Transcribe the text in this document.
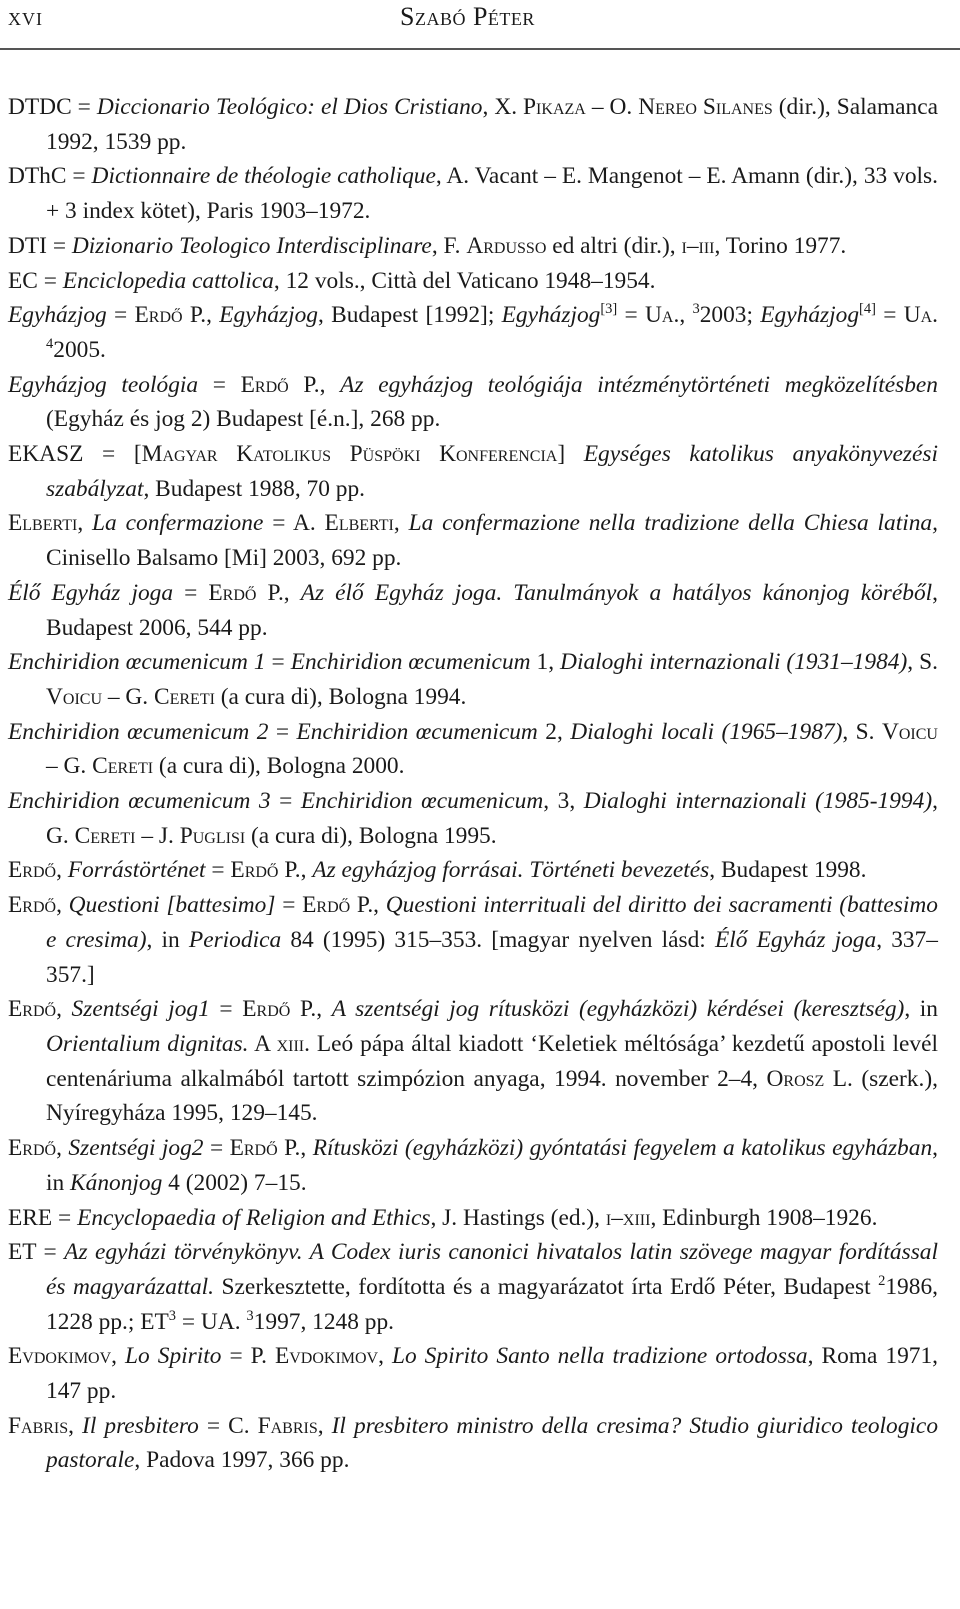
xvi	Szabó Péter

DTDC = Diccionario Teológico: el Dios Cristiano, X. Pikaza – O. Nereo Silanes (dir.), Salamanca 1992, 1539 pp.

DThC = Dictionnaire de théologie catholique, A. Vacant – E. Mangenot – E. Amann (dir.), 33 vols. + 3 index kötet), Paris 1903–1972.

DTI = Dizionario Teologico Interdisciplinare, F. Ardusso ed altri (dir.), i–iii, Torino 1977.

EC = Enciclopedia cattolica, 12 vols., Città del Vaticano 1948–1954.

Egyházjog = Erdő P., Egyházjog, Budapest [1992]; Egyházjog[3] = Ua., $^3$2003; Egyházjog[4] = Ua. $^4$2005.

Egyházjog teológia = Erdő P., Az egyházjog teológiája intézménytörténeti megközelítésben (Egyház és jog 2) Budapest [é.n.], 268 pp.

EKASZ = [Magyar Katolikus Püspöki Konferencia] Egységes katolikus anyakönyvezési szabályzat, Budapest 1988, 70 pp.

Elberti, La confermazione = A. Elberti, La confermazione nella tradizione della Chiesa latina, Cinisello Balsamo [Mi] 2003, 692 pp.

Élő Egyház joga = Erdő P., Az élő Egyház joga. Tanulmányok a hatályos kánonjog köréből, Budapest 2006, 544 pp.

Enchiridion œcumenicum 1 = Enchiridion œcumenicum 1, Dialoghi internazionali (1931–1984), S. Voicu – G. Cereti (a cura di), Bologna 1994.

Enchiridion œcumenicum 2 = Enchiridion œcumenicum 2, Dialoghi locali (1965–1987), S. Voicu – G. Cereti (a cura di), Bologna 2000.

Enchiridion œcumenicum 3 = Enchiridion œcumenicum, 3, Dialoghi internazionali (1985-1994), G. Cereti – J. Puglisi (a cura di), Bologna 1995.

Erdő, Forrástörténet = Erdő P., Az egyházjog forrásai. Történeti bevezetés, Budapest 1998.

Erdő, Questioni [battesimo] = Erdő P., Questioni interrituali del diritto dei sacramenti (battesimo e cresima), in Periodica 84 (1995) 315–353. [magyar nyelven lásd: Élő Egyház joga, 337–357.]

Erdő, Szentségi jog1 = Erdő P., A szentségi jog rítusközi (egyházközi) kérdései (keresztség), in Orientalium dignitas. A xiii. Leó pápa által kiadott ‘Keletiek méltósága’ kezdetű apostoli levél centenáriuma alkalmából tartott szimpózion anyaga, 1994. november 2–4, Orosz L. (szerk.), Nyíregyháza 1995, 129–145.

Erdő, Szentségi jog2 = Erdő P., Rítusközi (egyházközi) gyóntatási fegyelem a katolikus egyházban, in Kánonjog 4 (2002) 7–15.

ERE = Encyclopaedia of Religion and Ethics, J. Hastings (ed.), i–xiii, Edinburgh 1908–1926.

ET = Az egyházi törvénykönyv. A Codex iuris canonici hivatalos latin szövege magyar fordítással és magyarázattal. Szerkesztette, fordította és a magyarázatot írta Erdő Péter, Budapest $^2$1986, 1228 pp.; $ET^3$ = UA. $^3$1997, 1248 pp.

Evdokimov, Lo Spirito = P. Evdokimov, Lo Spirito Santo nella tradizione ortodossa, Roma 1971, 147 pp.

Fabris, Il presbitero = C. Fabris, Il presbitero ministro della cresima? Studio giuridico teologico pastorale, Padova 1997, 366 pp.
